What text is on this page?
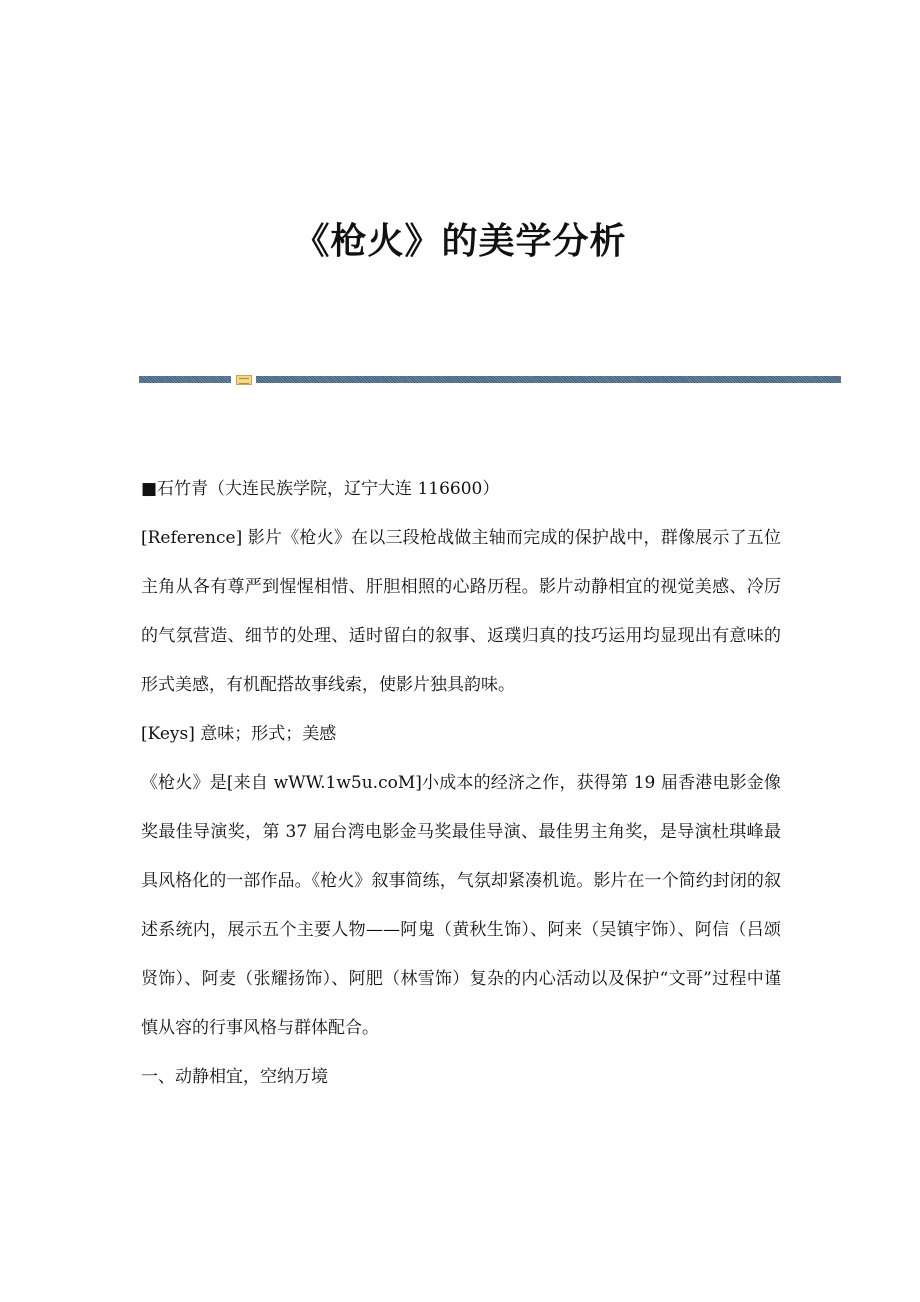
《枪火》的美学分析

■石竹青（大连民族学院，辽宁大连 116600）

[Reference] 影片《枪火》在以三段枪战做主轴而完成的保护战中，群像展示了五位主角从各有尊严到惺惺相惜、肝胆相照的心路历程。影片动静相宜的视觉美感、冷厉的气氛营造、细节的处理、适时留白的叙事、返璞归真的技巧运用均显现出有意味的形式美感，有机配搭故事线索，使影片独具韵味。

[Keys] 意味；形式；美感

《枪火》是[来自 wWW.1w5u.coM]小成本的经济之作，获得第 19 届香港电影金像奖最佳导演奖，第 37 届台湾电影金马奖最佳导演、最佳男主角奖，是导演杜琪峰最具风格化的一部作品。《枪火》叙事简练，气氛却紧凑机诡。影片在一个简约封闭的叙述系统内，展示五个主要人物——阿鬼（黄秋生饰）、阿来（吴镇宇饰）、阿信（吕颂贤饰）、阿麦（张耀扬饰）、阿肥（林雪饰）复杂的内心活动以及保护“文哥”过程中谨慎从容的行事风格与群体配合。

一、动静相宜，空纳万境
